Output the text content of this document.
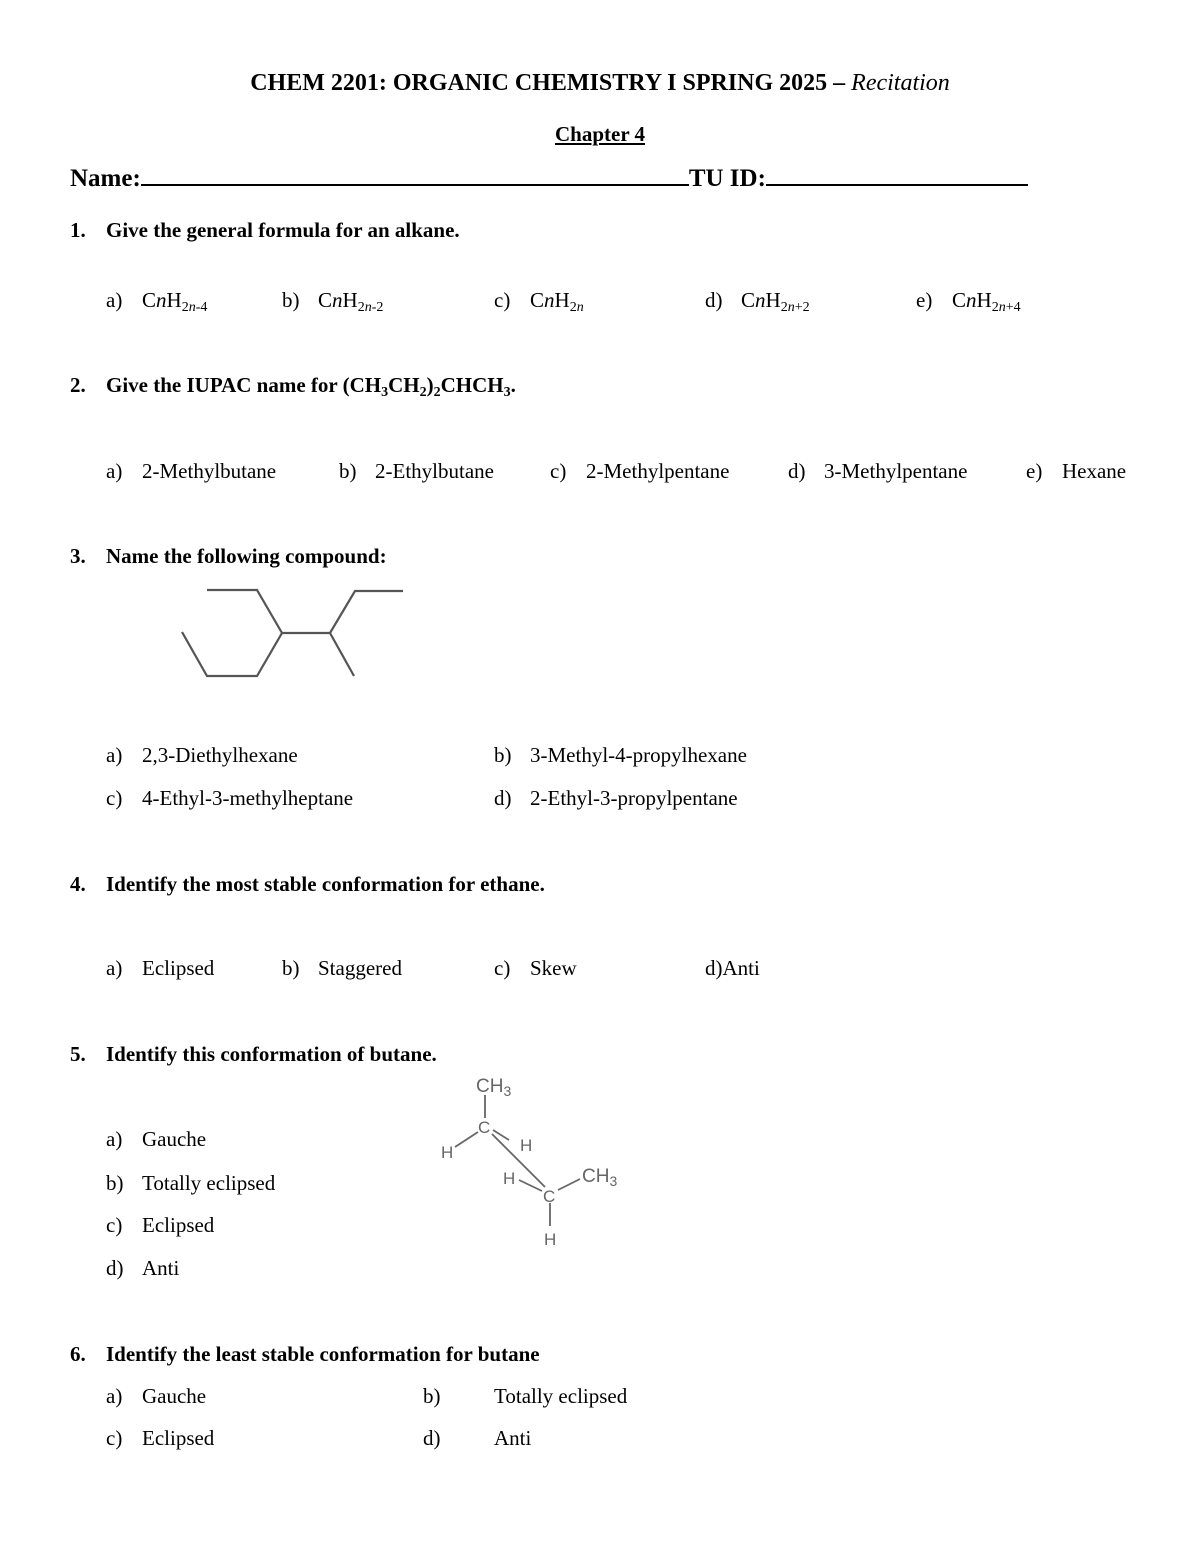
CHEM 2201: ORGANIC CHEMISTRY I SPRING 2025 – Recitation
Chapter 4
Name:	TU ID:
1. Give the general formula for an alkane.
a) CnH$_{2n-4}$	b) CnH$_{2n-2}$	c) CnH$_{2n}$	d) CnH$_{2n+2}$	e) CnH$_{2n+4}$
2. Give the IUPAC name for $(CH_3CH_2)_2CHCH_3$.
a) 2-Methylbutane	b) 2-Ethylbutane	c) 2-Methylpentane	d) 3-Methylpentane	e) Hexane
3. Name the following compound:
a) 2,3-Diethylhexane	b) 3-Methyl-4-propylhexane
c) 4-Ethyl-3-methylheptane	d) 2-Ethyl-3-propylpentane
4. Identify the most stable conformation for ethane.
a) Eclipsed	b) Staggered	c) Skew	d)Anti
5. Identify this conformation of butane.
a) Gauche
b) Totally eclipsed
c) Eclipsed
d) Anti
$CH_3$
C
H	H
H
C
$CH_3$
H
6. Identify the least stable conformation for butane
a) Gauche	b)	Totally eclipsed
c) Eclipsed	d)	Anti
